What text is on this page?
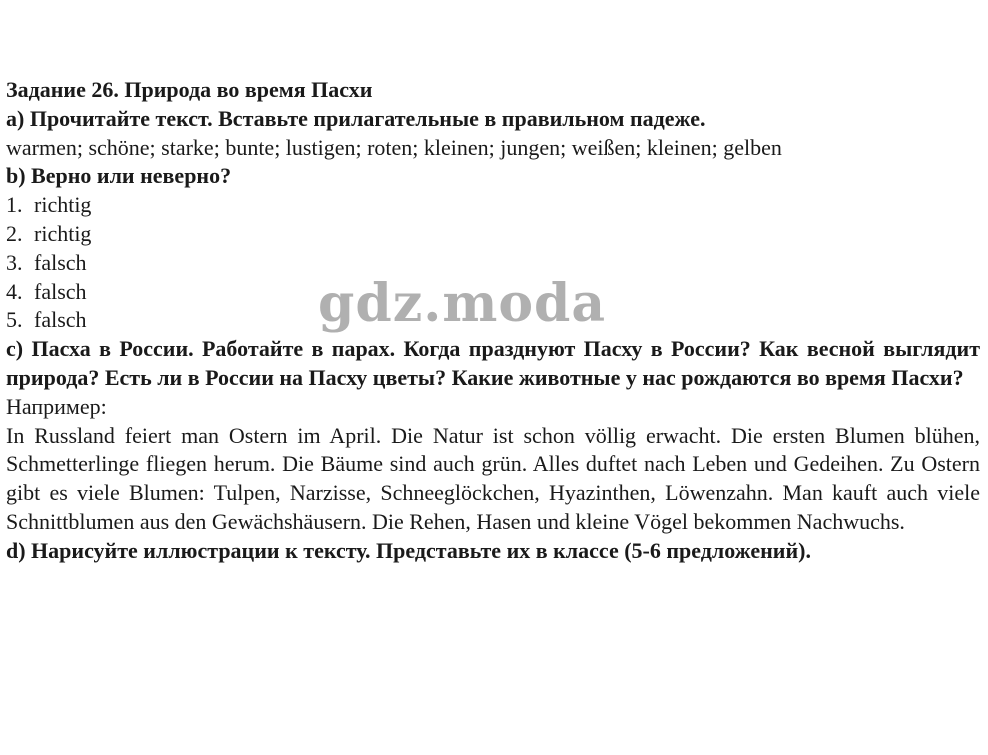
Задание 26. Природа во время Пасхи
a) Прочитайте текст. Вставьте прилагательные в правильном падеже.
warmen; schöne; starke; bunte; lustigen; roten; kleinen; jungen; weißen; kleinen; gelben
b) Верно или неверно?
1. richtig
2. richtig
3. falsch
4. falsch
5. falsch
c) Пасха в России. Работайте в парах. Когда празднуют Пасху в России? Как весной выглядит природа? Есть ли в России на Пасху цветы? Какие животные у нас рождаются во время Пасхи?
Например:
In Russland feiert man Ostern im April. Die Natur ist schon völlig erwacht. Die ersten Blumen blühen, Schmetterlinge fliegen herum. Die Bäume sind auch grün. Alles duftet nach Leben und Gedeihen. Zu Ostern gibt es viele Blumen: Tulpen, Narzisse, Schneeglöckchen, Hyazinthen, Löwenzahn. Man kauft auch viele Schnittblumen aus den Gewächshäusern. Die Rehen, Hasen und kleine Vögel bekommen Nachwuchs.
d) Нарисуйте иллюстрации к тексту. Представьте их в классе (5-6 предложений).
gdz.moda
